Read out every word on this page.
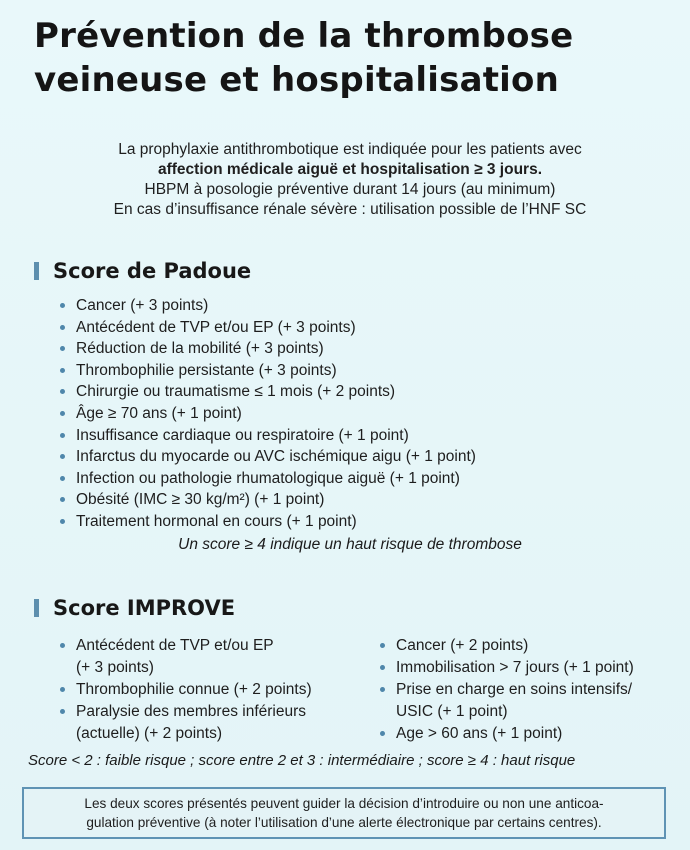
Prévention de la thrombose
veineuse et hospitalisation
La prophylaxie antithrombotique est indiquée pour les patients avec
affection médicale aiguë et hospitalisation ≥ 3 jours.
HBPM à posologie préventive durant 14 jours (au minimum)
En cas d’insuffisance rénale sévère : utilisation possible de l’HNF SC
Score de Padoue
Cancer (+ 3 points)
Antécédent de TVP et/ou EP (+ 3 points)
Réduction de la mobilité (+ 3 points)
Thrombophilie persistante (+ 3 points)
Chirurgie ou traumatisme ≤ 1 mois (+ 2 points)
Âge ≥ 70 ans (+ 1 point)
Insuffisance cardiaque ou respiratoire (+ 1 point)
Infarctus du myocarde ou AVC ischémique aigu (+ 1 point)
Infection ou pathologie rhumatologique aiguë (+ 1 point)
Obésité (IMC ≥ 30 kg/m²) (+ 1 point)
Traitement hormonal en cours (+ 1 point)
Un score ≥ 4 indique un haut risque de thrombose
Score IMPROVE
Antécédent de TVP et/ou EP
(+ 3 points)
Thrombophilie connue (+ 2 points)
Paralysie des membres inférieurs
(actuelle) (+ 2 points)
Cancer (+ 2 points)
Immobilisation > 7 jours (+ 1 point)
Prise en charge en soins intensifs/
USIC (+ 1 point)
Age > 60 ans (+ 1 point)
Score < 2 : faible risque ; score entre 2 et 3 : intermédiaire ; score ≥ 4 : haut risque
Les deux scores présentés peuvent guider la décision d’introduire ou non une anticoa-
gulation préventive (à noter l’utilisation d’une alerte électronique par certains centres).
